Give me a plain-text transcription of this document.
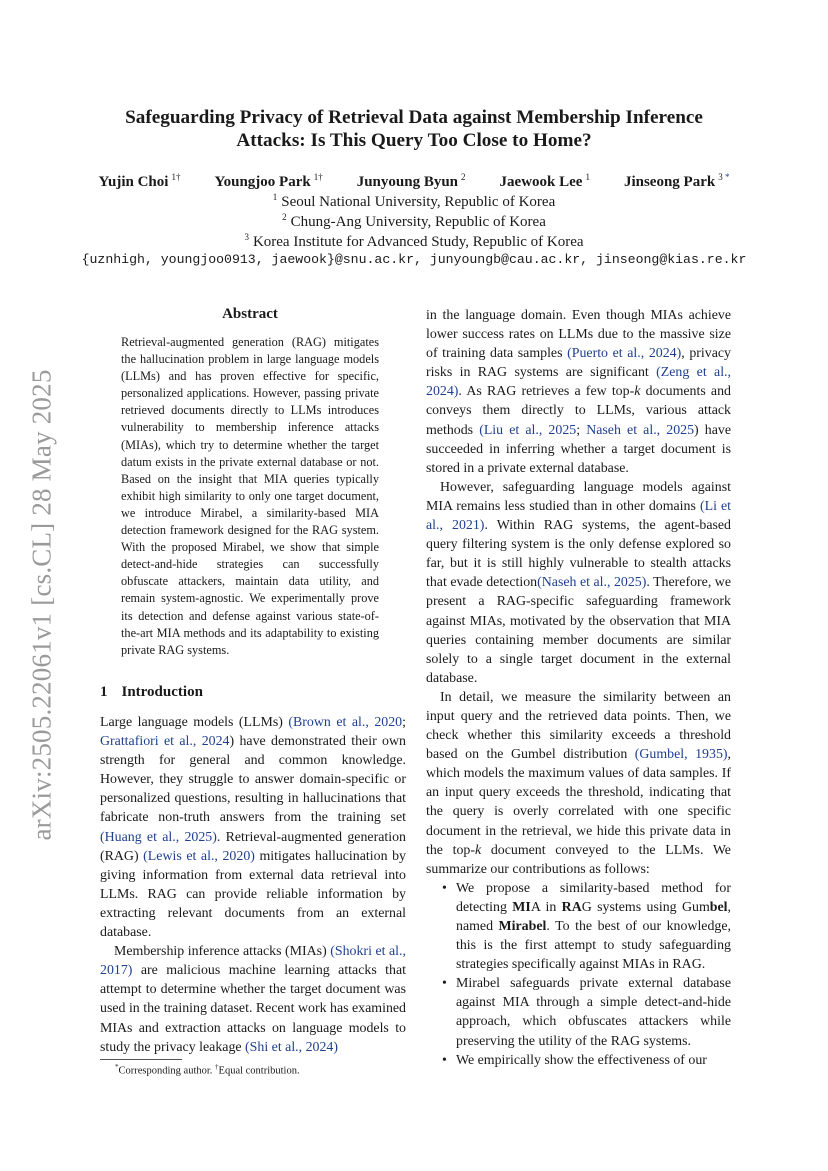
arXiv:2505.22061v1 [cs.CL] 28 May 2025
Safeguarding Privacy of Retrieval Data against Membership Inference
Attacks: Is This Query Too Close to Home?
Yujin Choi $^{1\dagger}$ Youngjoo Park $^{1\dagger}$ Junyoung Byun $^2$ Jaewook Lee $^1$ Jinseong Park $^{3 *}$
$^1$ Seoul National University, Republic of Korea
$^2$ Chung-Ang University, Republic of Korea
$^3$ Korea Institute for Advanced Study, Republic of Korea
{uznhigh, youngjoo0913, jaewook}@snu.ac.kr, junyoungb@cau.ac.kr, jinseong@kias.re.kr
Abstract
Retrieval-augmented generation (RAG) mitigates the hallucination problem in large language models (LLMs) and has proven effective for specific, personalized applications. However, passing private retrieved documents directly to LLMs introduces vulnerability to membership inference attacks (MIAs), which try to determine whether the target datum exists in the private external database or not. Based on the insight that MIA queries typically exhibit high similarity to only one target document, we introduce Mirabel, a similarity-based MIA detection framework designed for the RAG system. With the proposed Mirabel, we show that simple detect-and-hide strategies can successfully obfuscate attackers, maintain data utility, and remain system-agnostic. We experimentally prove its detection and defense against various state-of-the-art MIA methods and its adaptability to existing private RAG systems.
1 Introduction

Large language models (LLMs) (Brown et al., 2020; Grattafiori et al., 2024) have demonstrated their own strength for general and common knowledge. However, they struggle to answer domain-specific or personalized questions, resulting in hallucinations that fabricate non-truth answers from the training set (Huang et al., 2025). Retrieval-augmented generation (RAG) (Lewis et al., 2020) mitigates hallucination by giving information from external data retrieval into LLMs. RAG can provide reliable information by extracting relevant documents from an external database.

Membership inference attacks (MIAs) (Shokri et al., 2017) are malicious machine learning attacks that attempt to determine whether the target document was used in the training dataset. Recent work has examined MIAs and extraction attacks on language models to study the privacy leakage (Shi et al., 2024)

in the language domain. Even though MIAs achieve lower success rates on LLMs due to the massive size of training data samples (Puerto et al., 2024), privacy risks in RAG systems are significant (Zeng et al., 2024). As RAG retrieves a few top-k documents and conveys them directly to LLMs, various attack methods (Liu et al., 2025; Naseh et al., 2025) have succeeded in inferring whether a target document is stored in a private external database.

However, safeguarding language models against MIA remains less studied than in other domains (Li et al., 2021). Within RAG systems, the agent-based query filtering system is the only defense explored so far, but it is still highly vulnerable to stealth attacks that evade detection(Naseh et al., 2025). Therefore, we present a RAG-specific safeguarding framework against MIAs, motivated by the observation that MIA queries containing member documents are similar solely to a single target document in the external database.

In detail, we measure the similarity between an input query and the retrieved data points. Then, we check whether this similarity exceeds a threshold based on the Gumbel distribution (Gumbel, 1935), which models the maximum values of data samples. If an input query exceeds the threshold, indicating that the query is overly correlated with one specific document in the retrieval, we hide this private data in the top-k document conveyed to the LLMs. We summarize our contributions as follows:

• We propose a similarity-based method for detecting MIA in RAG systems using Gumbel, named Mirabel. To the best of our knowledge, this is the first attempt to study safeguarding strategies specifically against MIAs in RAG.
• Mirabel safeguards private external database against MIA through a simple detect-and-hide approach, which obfuscates attackers while preserving the utility of the RAG systems.
• We empirically show the effectiveness of our
*Corresponding author. †Equal contribution.
